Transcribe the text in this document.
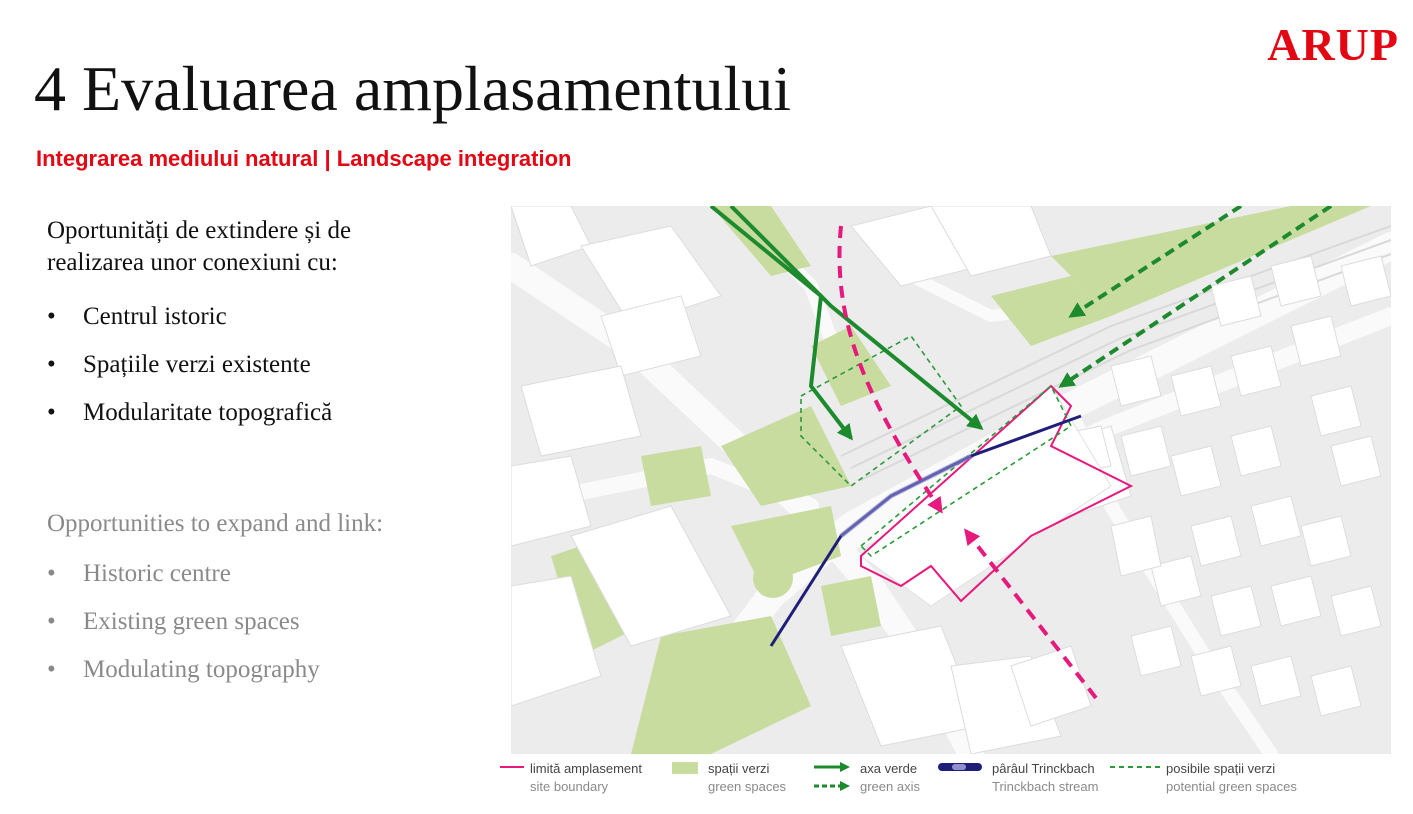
ARUP
4 Evaluarea amplasamentului
Integrarea mediului natural | Landscape integration

Oportunități de extindere și de

realizarea unor conexiuni cu:

• Centrul istoric
• Spațiile verzi existente
• Modularitate topografică

Opportunities to expand and link:

• Historic centre
• Existing green spaces
• Modulating topography
limită amplasement
site boundary
spații verzi
green spaces
axa verde
green axis
pârâul Trinckbach
Trinckbach stream
posibile spații verzi
potential green spaces
